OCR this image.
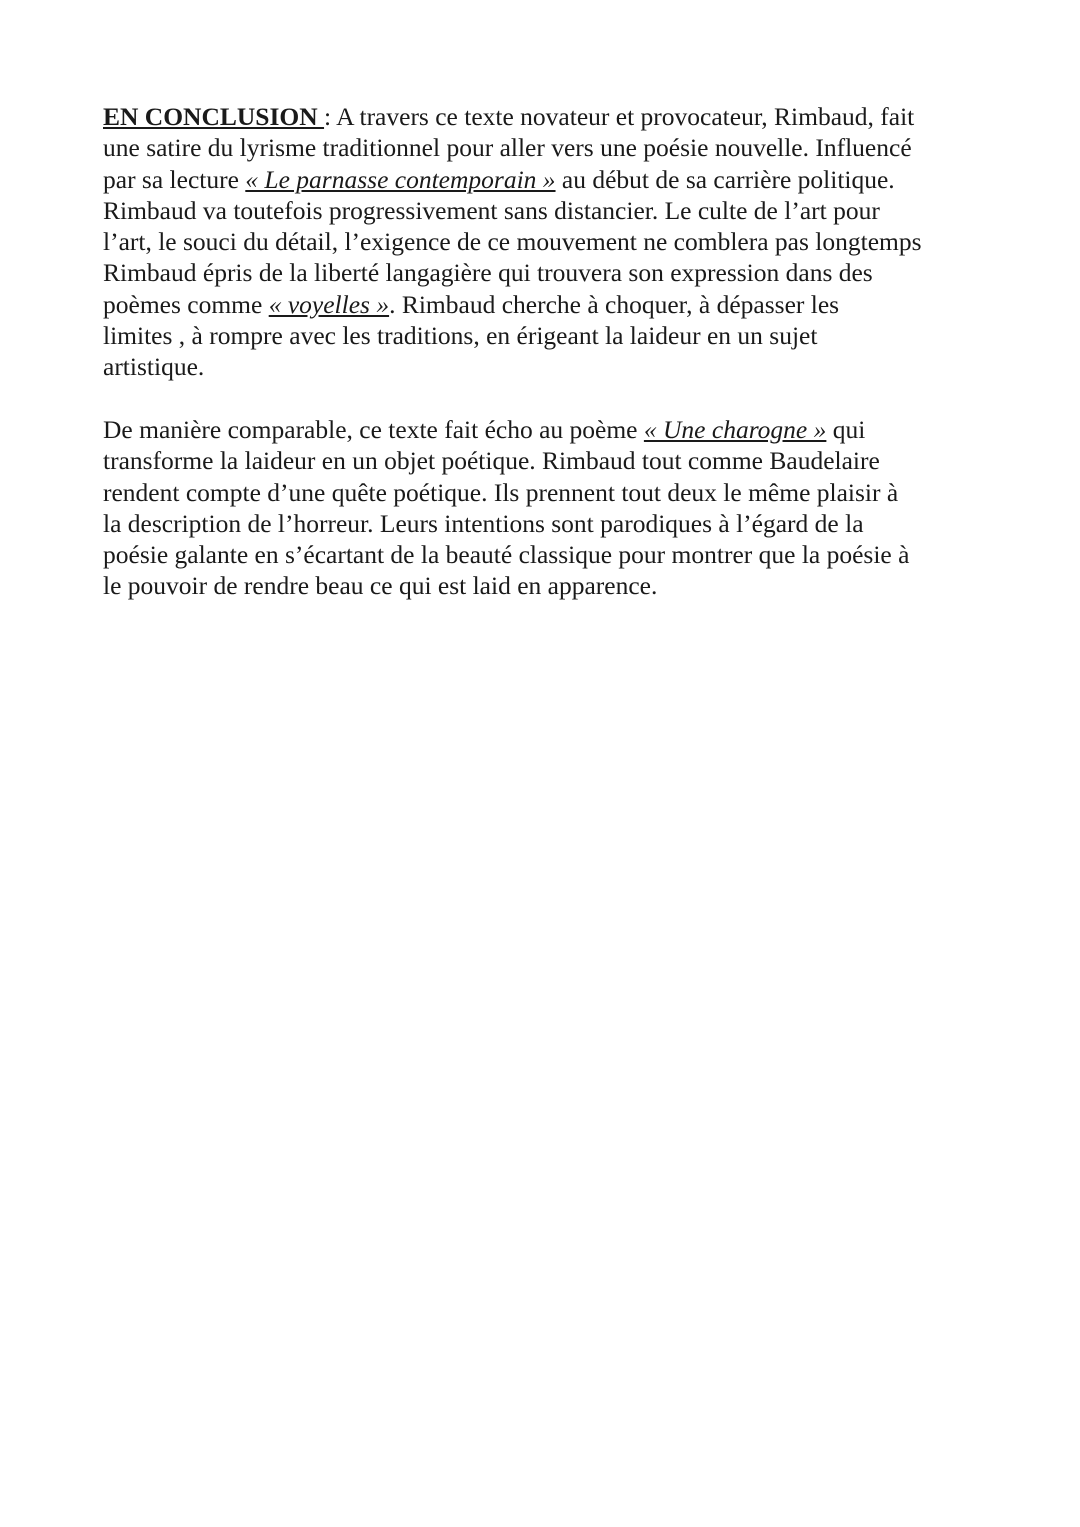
EN CONCLUSION : A travers ce texte novateur et provocateur, Rimbaud, fait
une satire du lyrisme traditionnel pour aller vers une poésie nouvelle. Influencé
par sa lecture « Le parnasse contemporain » au début de sa carrière politique.
Rimbaud va toutefois progressivement sans distancier. Le culte de l’art pour
l’art, le souci du détail, l’exigence de ce mouvement ne comblera pas longtemps
Rimbaud épris de la liberté langagière qui trouvera son expression dans des
poèmes comme « voyelles ». Rimbaud cherche à choquer, à dépasser les
limites , à rompre avec les traditions, en érigeant la laideur en un sujet
artistique.

De manière comparable, ce texte fait écho au poème « Une charogne » qui
transforme la laideur en un objet poétique. Rimbaud tout comme Baudelaire
rendent compte d’une quête poétique. Ils prennent tout deux le même plaisir à
la description de l’horreur. Leurs intentions sont parodiques à l’égard de la
poésie galante en s’écartant de la beauté classique pour montrer que la poésie à
le pouvoir de rendre beau ce qui est laid en apparence.
